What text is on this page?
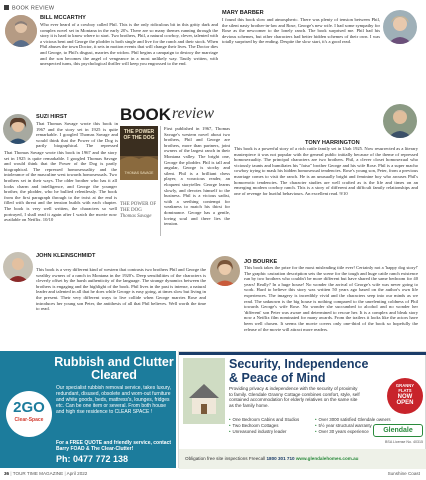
BOOK REVIEW
BILL MCCARTHY
Who ever heard of a cowboy called Phil. This is the only ridiculous bit in this gritty dark and complex novel set in Montana in the early 20's. There are so many themes running through the story it is hard to know where to start. Two brothers, Phil, a natural cowboy, clever, talented with a vicious bent and George the plodder is both single and live for the ranch and their stock. When Phil abuses the town Doctor, it sets in motion events that will change their lives. The Doctor dies and George, to Phil's disgust, marries the widow. Phil begins a campaign to destroy the marriage and the son becomes the angel of vengeance in a most unlikely way. Tautly written, with unexpected turns, this psychological thriller will keep you engrossed to the end.
MARY BARBER
I found this book slow and atmospheric. There was plenty of tension between Phil, the silent nasty brother-in-law and Rose, George's new wife. I had some sympathy for Rose as the newcomer to the lonely ranch. The book surprised me. Phil had his devious schemes, but other characters had better hidden schemes of their own. I was totally surprised by the ending. Despite the slow start, it's a good read.
SUZI HIRST
That Thomas Savage wrote this book in 1967 and the story set in 1925 is quite remarkable. I googled Thomas Savage and would think that the Power of the Dog is partly biographical. The repressed
That Thomas Savage wrote this book in 1967 and the story set in 1925 is quite remarkable. I googled Thomas Savage and would think that the Power of the Dog is partly biographical. The repressed homosexuality and the intolerance of the masculine west towards homosexuals. Two brothers set in their ways. The older brother who has it all looks charm and intelligence, and George the younger brother, the plodder, who he bullied relentlessly. The book from the first paragraph through to the twist at the end is filled with threat and the tension builds with each chapter. The book is very well written, the characters so well portrayed, I shall read it again after I watch the movie now available on Netflix. 10/10
BOOK review
THE POWER OF THE DOG
THOMAS SAVAGE
THE POWER OF
THE DOG
Thomas Savage
First published in 1967, Thomas Savage's western novel about two brothers, Phil and George are brothers, more than partners, joint owners of the largest ranch in their Montana valley. The bright one, George the plodder. Phil is tall and angular, George is stocky and silent. Phil is a brilliant chess player, a voracious reader, an eloquent storyteller. George learns slowly, and devotes himself to the business. Phil is a vicious sadist, with a seething contempt for weakness to match his thirst for dominance. George has a gentle, loving soul and there lies the tension.
TONY HARRINGTON
This book is a powerful story of a rich cattle family set in Utah 1925. Now resurrected as a literary masterpiece it was not popular with the general public initially because of the theme of repressed homosexuality. The principal characters are two brothers. Phil, a clever closet homosexual who viciously taunts and humiliates his "fatso" brother George and his wife Rose. Phil is a super macho cowboy trying to mask his hidden homosexual tendencies. Rose's young son, Peter, from a previous marriage comes to visit the ranch. He is an unusually bright and feminine boy who arouses Phil's homoerotic tendencies. The character studies are well crafted as is the life and times on an emerging modern cowboy ranch. This is a story of different and difficult family relationships and one of revenge for hurtful behaviours. An excellent read. 9/10
JOHN KLEINSCHMIDT
This book is a very different kind of western that contrasts two brothers Phil and George the wealthy owners of a ranch in Montana in the 1920's. Deep sensibilities of the characters is cleverly offset by the harsh authenticity of the language. The strange dynamics between the brothers is engaging and the highlight of the book. Phil lives in the past is intense, a natural leader and talented in all that he does while George is easy going, at times slow but living in the present. Their very different ways to live collide when George marries Rose and introduces her young son Peter, the antithesis of all that Phil believes. Well worth the time to read.
JO BOURKE
This book takes the prize for the most misleading title ever! Certainly not a 'happy dog story!' The graphic castration description sets the scene for the tough and huge cattle ranch existence run by two brothers who couldn't be more different but have shared the same bedroom for 40 years! Really? In a huge house! No wonder the arrival of George's wife was never going to work. Hard to believe this story was written 50 years ago based on the author's own life experiences. The imagery is incredibly vivid and the characters seep into our minds as we read. The unknown is the big house is nothing compared to the unrelenting coldness of Phil towards George's wife Rose. No wonder she succumbed to alcohol and no wonder her 'different' son Peter was aware and determined to rescue her. It is a complex and bleak story now a Netflix film nominated for many awards. From the trailers it looks like the actors have been well chosen. It seems the movie covers only one-third of the book so hopefully the release of the movie will attract more readers.
Rubbish and Clutter Cleared
2GO
Clear-Space

Our specialist rubbish removal service, takes luxury, redundant, disused, obsolete and worn-out furniture and white goods, beds, mattress's, lounges, fridges etc. Can be one item or several. From both house and high rise residence to CLEAR SPACE !

For a FREE QUOTE and friendly service, contact Barry FOAD & The Clear-Clutter!

Ph: 0477 772 138
Security, Independence
& Peace of Mind

Providing privacy & independence with the security of proximity to family. Glendale Granny Cottage combines comfort, style, self contained accommodation for elderly relatives on the same site as the family home.

• One Bedroom Cabins and Studios
• Two Bedroom Cottages
• Unreasoned industry leader
• Over 3000 satisfied Glendale owners
• 5½ year structural warranty
• Over 30 years experience
GRANNY
FLATS
NOW
OPEN
Glendale
BSA License No. 40315
Obligation free site inspections Freecall 1800 301 710 www.glendalehomes.com.au
36 | TOUR TIME MAGAZINE | April 2022	Sunshine Coast
